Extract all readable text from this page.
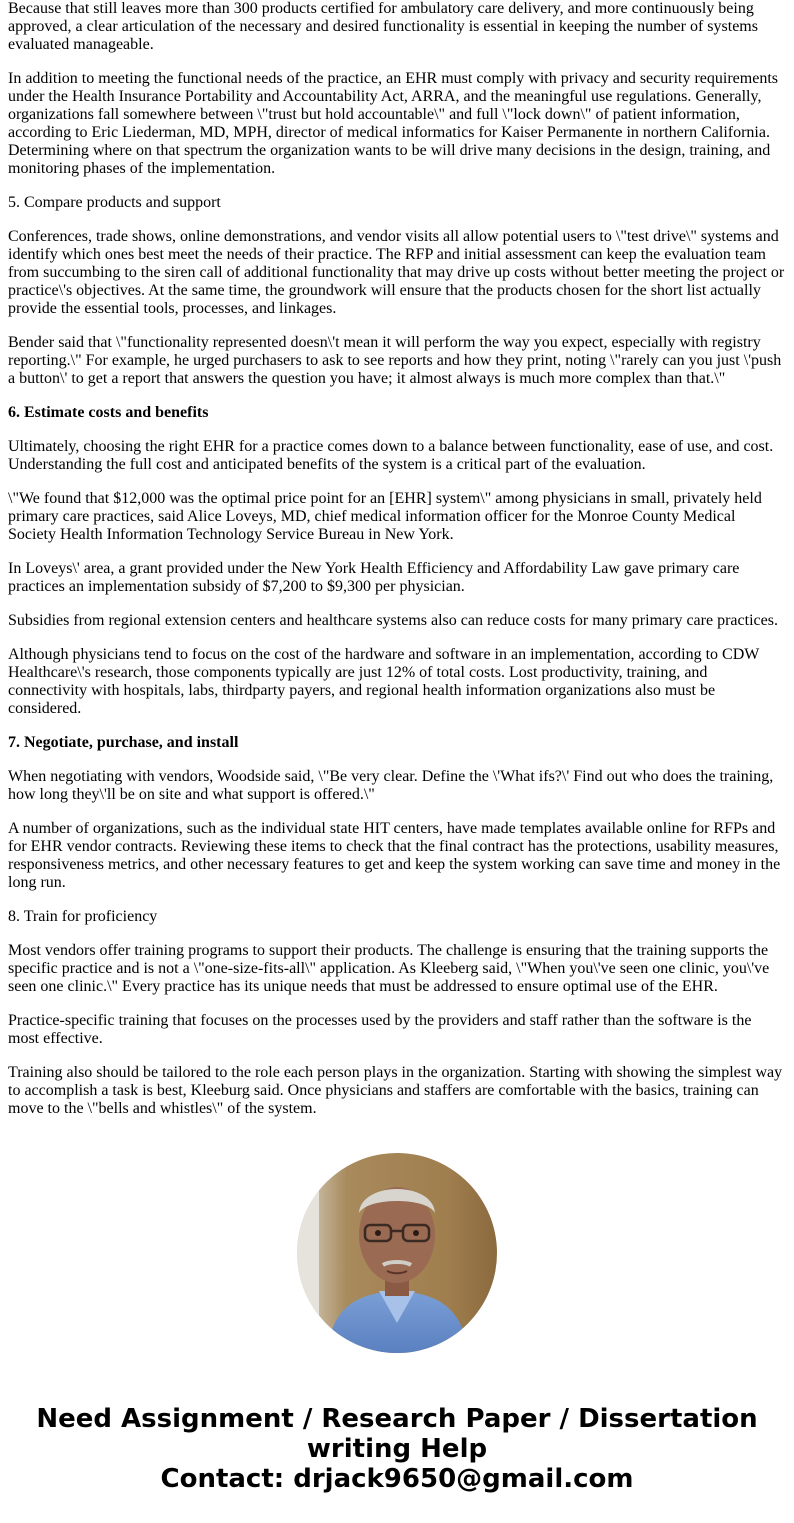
Because that still leaves more than 300 products certified for ambulatory care delivery, and more continuously being approved, a clear articulation of the necessary and desired functionality is essential in keeping the number of systems evaluated manageable.

In addition to meeting the functional needs of the practice, an EHR must comply with privacy and security requirements under the Health Insurance Portability and Accountability Act, ARRA, and the meaningful use regulations. Generally, organizations fall somewhere between \"trust but hold accountable\" and full \"lock down\" of patient information, according to Eric Liederman, MD, MPH, director of medical informatics for Kaiser Permanente in northern California. Determining where on that spectrum the organization wants to be will drive many decisions in the design, training, and monitoring phases of the implementation.

5. Compare products and support

Conferences, trade shows, online demonstrations, and vendor visits all allow potential users to \"test drive\" systems and identify which ones best meet the needs of their practice. The RFP and initial assessment can keep the evaluation team from succumbing to the siren call of additional functionality that may drive up costs without better meeting the project or practice\'s objectives. At the same time, the groundwork will ensure that the products chosen for the short list actually provide the essential tools, processes, and linkages.

Bender said that \"functionality represented doesn\'t mean it will perform the way you expect, especially with registry reporting.\" For example, he urged purchasers to ask to see reports and how they print, noting \"rarely can you just \'push a button\' to get a report that answers the question you have; it almost always is much more complex than that.\"

6. Estimate costs and benefits

Ultimately, choosing the right EHR for a practice comes down to a balance between functionality, ease of use, and cost. Understanding the full cost and anticipated benefits of the system is a critical part of the evaluation.

\"We found that $12,000 was the optimal price point for an [EHR] system\" among physicians in small, privately held primary care practices, said Alice Loveys, MD, chief medical information officer for the Monroe County Medical Society Health Information Technology Service Bureau in New York.

In Loveys\' area, a grant provided under the New York Health Efficiency and Affordability Law gave primary care practices an implementation subsidy of $7,200 to $9,300 per physician.

Subsidies from regional extension centers and healthcare systems also can reduce costs for many primary care practices.

Although physicians tend to focus on the cost of the hardware and software in an implementation, according to CDW Healthcare\'s research, those components typically are just 12% of total costs. Lost productivity, training, and connectivity with hospitals, labs, thirdparty payers, and regional health information organizations also must be considered.

7. Negotiate, purchase, and install

When negotiating with vendors, Woodside said, \"Be very clear. Define the \'What ifs?\' Find out who does the training, how long they\'ll be on site and what support is offered.\"

A number of organizations, such as the individual state HIT centers, have made templates available online for RFPs and for EHR vendor contracts. Reviewing these items to check that the final contract has the protections, usability measures, responsiveness metrics, and other necessary features to get and keep the system working can save time and money in the long run.

8. Train for proficiency

Most vendors offer training programs to support their products. The challenge is ensuring that the training supports the specific practice and is not a \"one-size-fits-all\" application. As Kleeberg said, \"When you\'ve seen one clinic, you\'ve seen one clinic.\" Every practice has its unique needs that must be addressed to ensure optimal use of the EHR.

Practice-specific training that focuses on the processes used by the providers and staff rather than the software is the most effective.

Training also should be tailored to the role each person plays in the organization. Starting with showing the simplest way to accomplish a task is best, Kleeburg said. Once physicians and staffers are comfortable with the basics, training can move to the \"bells and whistles\" of the system.

Need Assignment / Research Paper / Dissertation
writing Help
Contact: drjack9650@gmail.com
